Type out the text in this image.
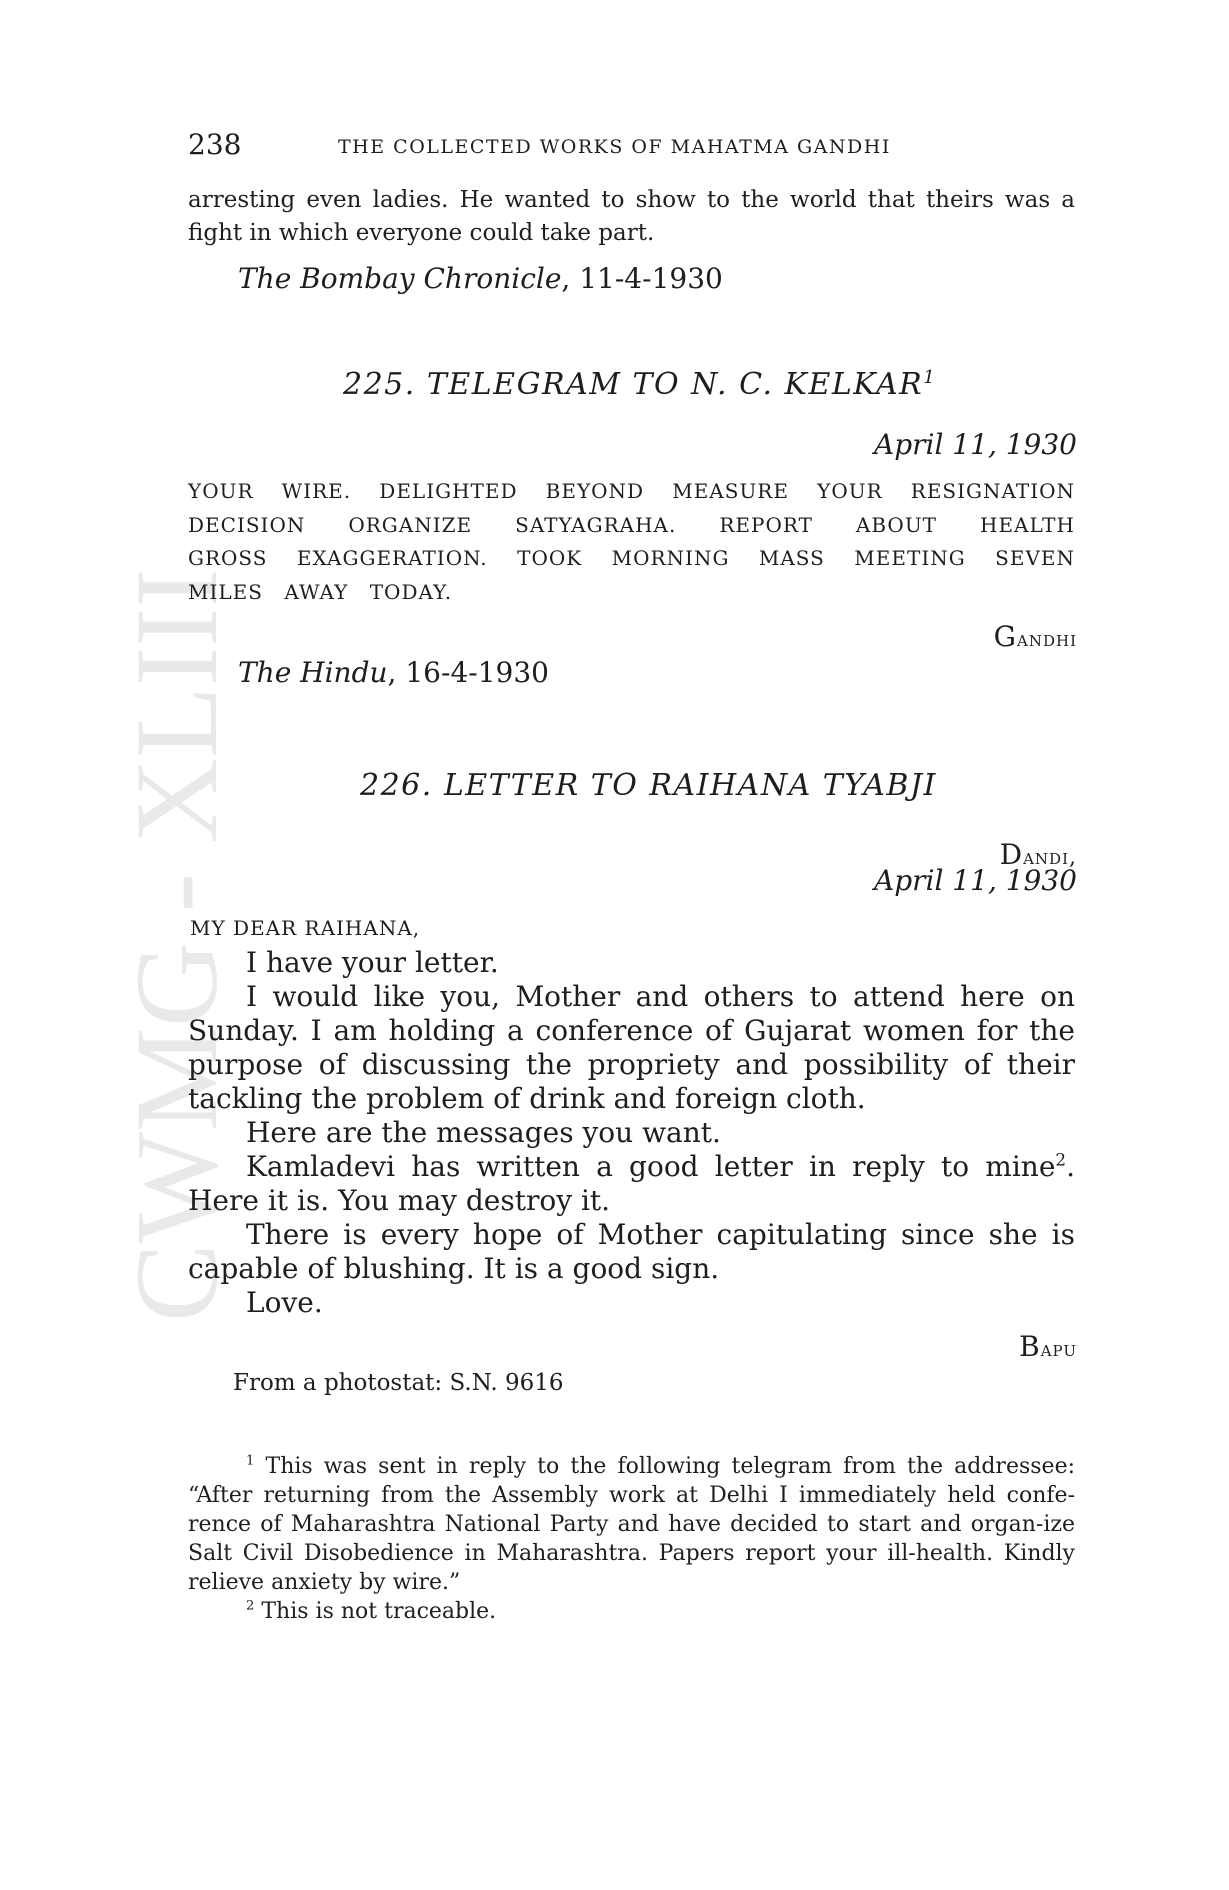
CWMG - XLIII
238	THE COLLECTED WORKS OF MAHATMA GANDHI
arresting even ladies. He wanted to show to the world that theirs was a fight in which everyone could take part.
The Bombay Chronicle, 11-4-1930
225. TELEGRAM TO N. C. KELKAR$^1$
April 11, 1930
YOUR WIRE. DELIGHTED BEYOND MEASURE YOUR RESIGNATION
DECISION ORGANIZE SATYAGRAHA. REPORT ABOUT HEALTH
GROSS EXAGGERATION. TOOK MORNING MASS MEETING SEVEN
MILES AWAY TODAY.
Gandhi
The Hindu, 16-4-1930
226. LETTER TO RAIHANA TYABJI
Dandi,
April 11, 1930
MY DEAR RAIHANA,
I have your letter.
I would like you, Mother and others to attend here on Sunday. I am holding a conference of Gujarat women for the purpose of discussing the propriety and possibility of their tackling the problem of drink and foreign cloth.
Here are the messages you want.
Kamladevi has written a good letter in reply to mine$^2$. Here it is. You may destroy it.
There is every hope of Mother capitulating since she is capable of blushing. It is a good sign.
Love.
Bapu
From a photostat: S.N. 9616
$^1$ This was sent in reply to the following telegram from the addressee: “After returning from the Assembly work at Delhi I immediately held confe-rence of Maharashtra National Party and have decided to start and organ-ize Salt Civil Disobedience in Maharashtra. Papers report your ill-health. Kindly relieve anxiety by wire.”
$^2$ This is not traceable.
